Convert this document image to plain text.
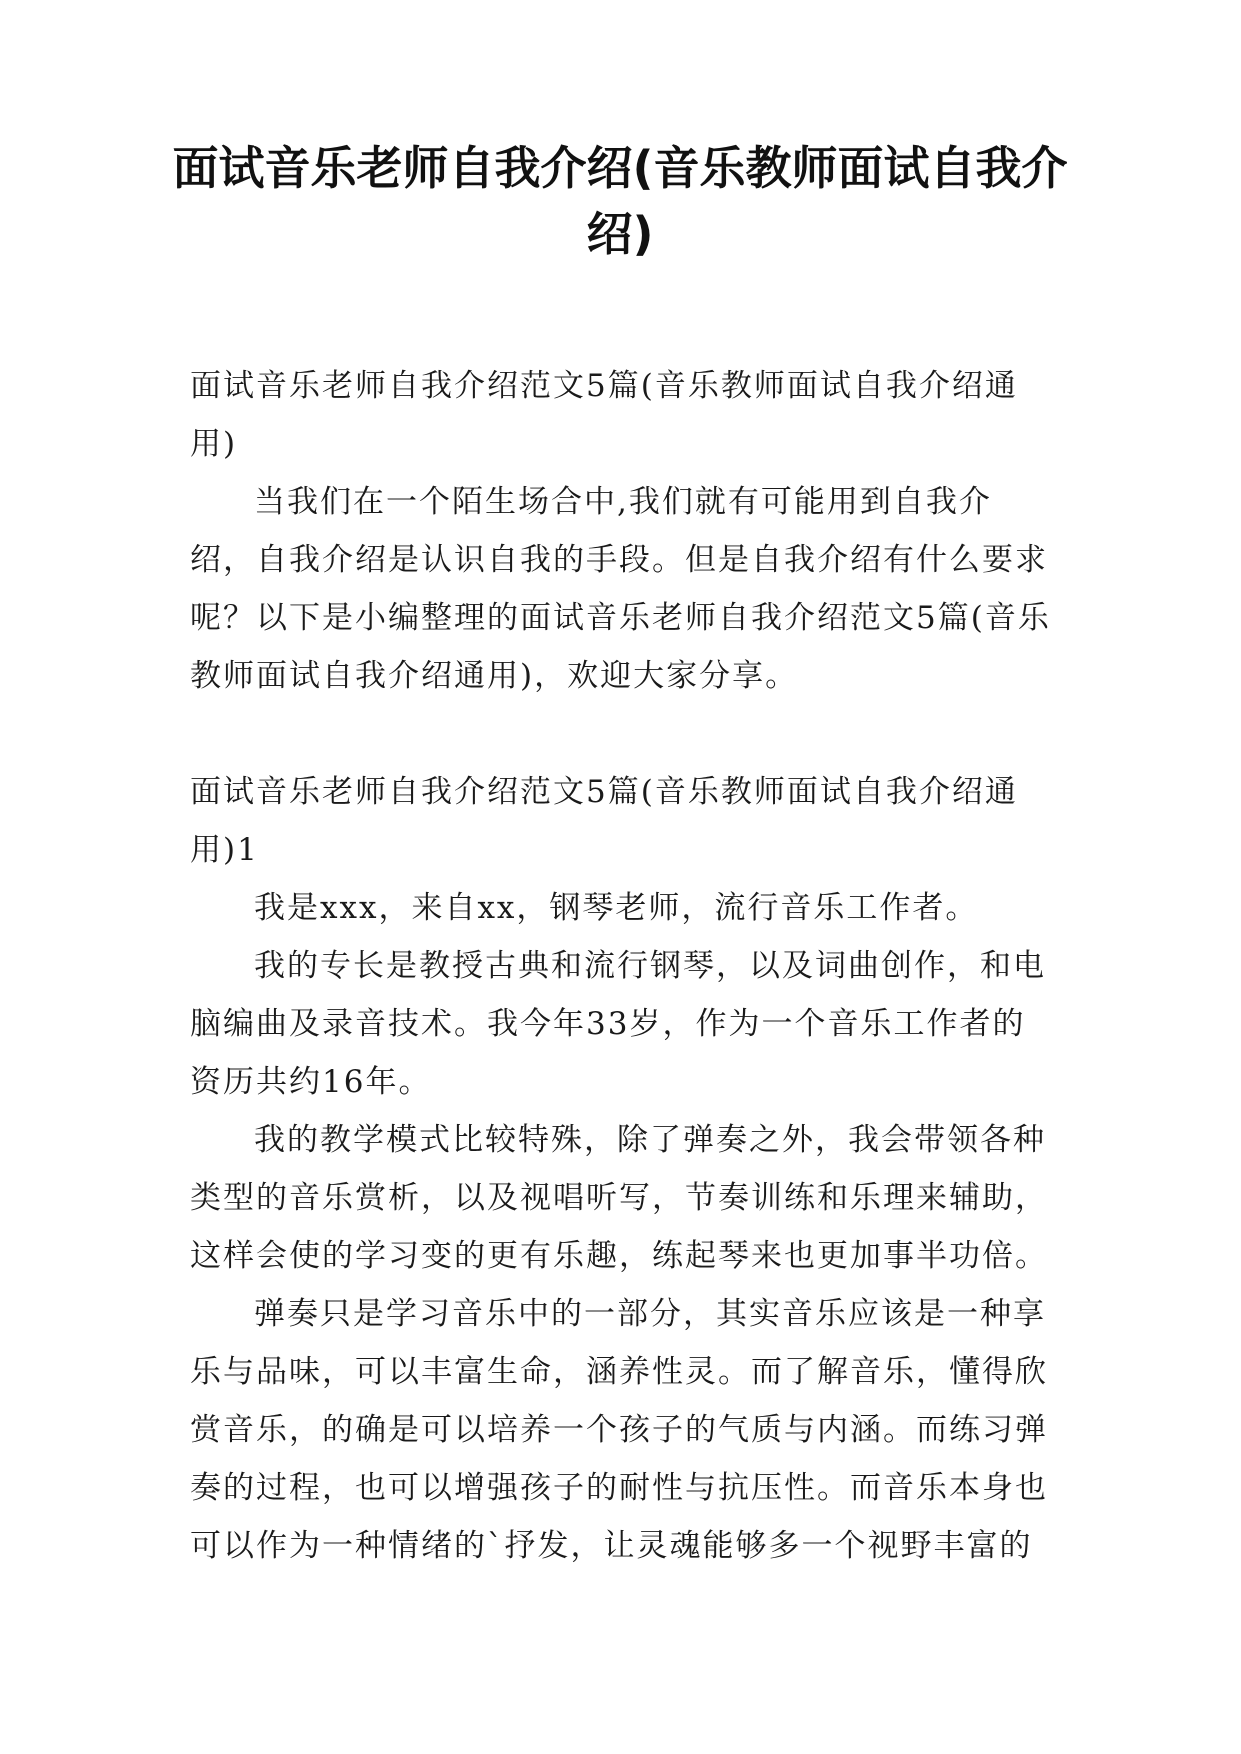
面试音乐老师自我介绍(音乐教师面试自我介绍)

面试音乐老师自我介绍范文5篇(音乐教师面试自我介绍通用)

当我们在一个陌生场合中,我们就有可能用到自我介绍，自我介绍是认识自我的手段。但是自我介绍有什么要求呢？以下是小编整理的面试音乐老师自我介绍范文5篇(音乐教师面试自我介绍通用)，欢迎大家分享。

面试音乐老师自我介绍范文5篇(音乐教师面试自我介绍通用)1

我是xxx，来自xx，钢琴老师，流行音乐工作者。

我的专长是教授古典和流行钢琴，以及词曲创作，和电脑编曲及录音技术。我今年33岁，作为一个音乐工作者的资历共约16年。

我的教学模式比较特殊，除了弹奏之外，我会带领各种类型的音乐赏析，以及视唱听写，节奏训练和乐理来辅助，这样会使的学习变的更有乐趣，练起琴来也更加事半功倍。

弹奏只是学习音乐中的一部分，其实音乐应该是一种享乐与品味，可以丰富生命，涵养性灵。而了解音乐，懂得欣赏音乐，的确是可以培养一个孩子的气质与内涵。而练习弹奏的过程，也可以增强孩子的耐性与抗压性。而音乐本身也可以作为一种情绪的`抒发，让灵魂能够多一个视野丰富的
